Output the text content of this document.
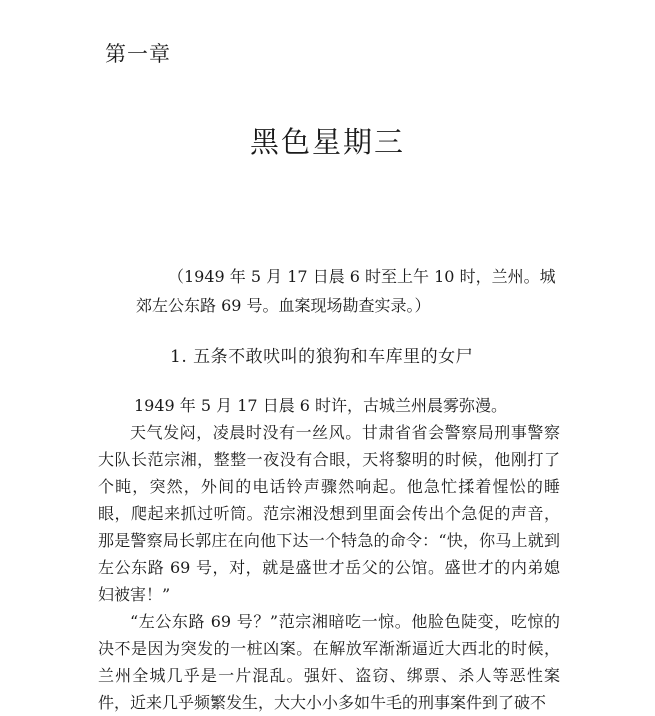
第一章
黑色星期三
（1949 年 5 月 17 日晨 6 时至上午 10 时，兰州。城郊左公东路 69 号。血案现场勘查实录。）
1. 五条不敢吠叫的狼狗和车库里的女尸

1949 年 5 月 17 日晨 6 时许，古城兰州晨雾弥漫。

天气发闷，凌晨时没有一丝风。甘肃省省会警察局刑事警察大队长范宗湘，整整一夜没有合眼，天将黎明的时候，他刚打了个盹，突然，外间的电话铃声骤然响起。他急忙揉着惺忪的睡眼，爬起来抓过听筒。范宗湘没想到里面会传出个急促的声音，那是警察局长郭庄在向他下达一个特急的命令：“快，你马上就到左公东路 69 号，对，就是盛世才岳父的公馆。盛世才的内弟媳妇被害！”

“左公东路 69 号？”范宗湘暗吃一惊。他脸色陡变，吃惊的决不是因为突发的一桩凶案。在解放军渐渐逼近大西北的时候，兰州全城几乎是一片混乱。强奸、盗窃、绑票、杀人等恶性案件，近来几乎频繁发生，大大小小多如牛毛的刑事案件到了破不
